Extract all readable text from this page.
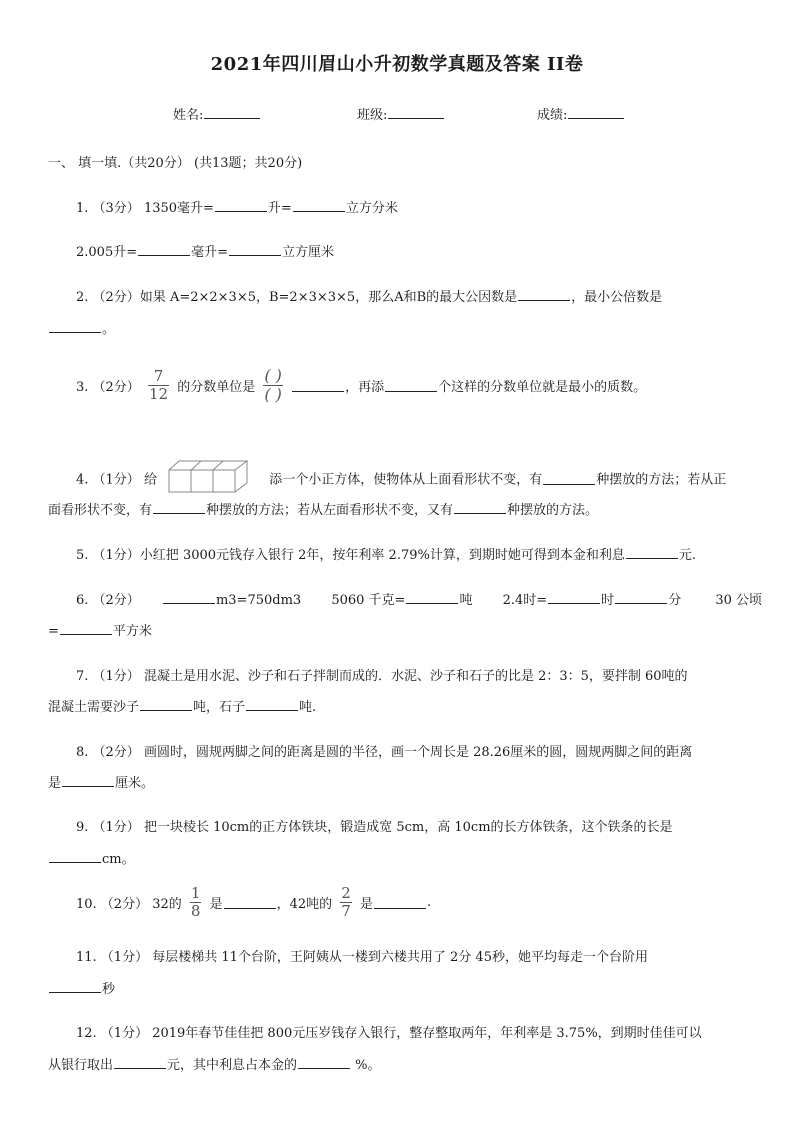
2021年四川眉山小升初数学真题及答案 II卷
姓名:	班级:	成绩:
一、 填一填.（共20分） (共13题；共20分)
1. （3分） 1350毫升=	升=	立方分米
2.005升=	毫升=	立方厘米
2. （2分）如果 A=2×2×3×5，B=2×3×3×5，那么A和B的最大公因数是	，最小公倍数是
。
3. （2分） $\frac{7}{12}$ 的分数单位是 $\frac{( )}{( )}$	，再添	个这样的分数单位就是最小的质数。
4. （1分） 给	添一个小正方体，使物体从上面看形状不变，有	种摆放的方法；若从正
面看形状不变，有	种摆放的方法；若从左面看形状不变，又有	种摆放的方法。
5. （1分）小红把 3000元钱存入银行 2年，按年利率 2.79%计算，到期时她可得到本金和利息	元.
6. （2分）	m3=750dm3 5060 千克=	吨 2.4时=	时	分	30 公顷
=	平方米
7. （1分） 混凝土是用水泥、沙子和石子拌制而成的．水泥、沙子和石子的比是 2：3：5，要拌制 60吨的
混凝土需要沙子	吨，石子	吨.
8. （2分） 画圆时，圆规两脚之间的距离是圆的半径，画一个周长是 28.26厘米的圆，圆规两脚之间的距离
是	厘米。
9. （1分） 把一块棱长 10cm的正方体铁块，锻造成宽 5cm，高 10cm的长方体铁条，这个铁条的长是
cm。
10. （2分） 32的 $\frac{1}{8}$ 是	，42吨的 $\frac{2}{7}$ 是	.
11. （1分） 每层楼梯共 11个台阶，王阿姨从一楼到六楼共用了 2分 45秒，她平均每走一个台阶用
秒
12. （1分） 2019年春节佳佳把 800元压岁钱存入银行，整存整取两年，年利率是 3.75%，到期时佳佳可以
从银行取出	元，其中利息占本金的	%。
